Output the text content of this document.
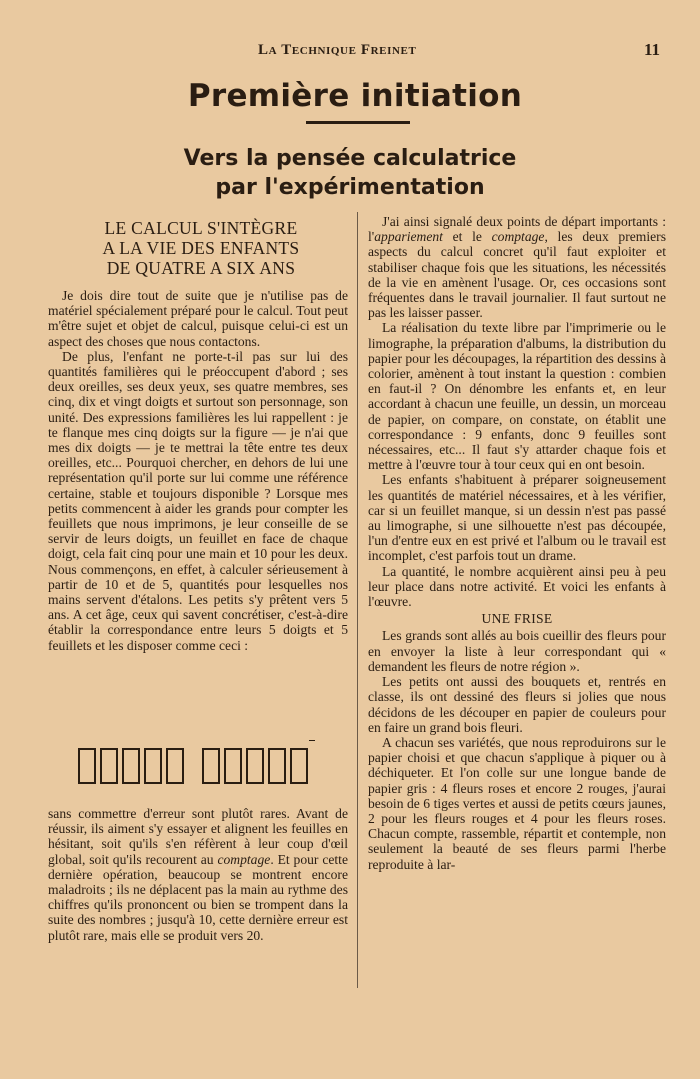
La Technique Freinet	11
Première initiation
Vers la pensée calculatrice
par l'expérimentation
LE CALCUL S'INTÈGRE
A LA VIE DES ENFANTS
DE QUATRE A SIX ANS

Je dois dire tout de suite que je n'utilise pas de matériel spécialement préparé pour le calcul. Tout peut m'être sujet et objet de calcul, puisque celui-ci est un aspect des choses que nous contactons.

De plus, l'enfant ne porte-t-il pas sur lui des quantités familières qui le préoccupent d'abord ; ses deux oreilles, ses deux yeux, ses quatre membres, ses cinq, dix et vingt doigts et surtout son personnage, son unité. Des expressions familières les lui rappellent : je te flanque mes cinq doigts sur la figure — je n'ai que mes dix doigts — je te mettrai la tête entre tes deux oreilles, etc... Pourquoi chercher, en dehors de lui une représentation qu'il porte sur lui comme une référence certaine, stable et toujours disponible ? Lorsque mes petits commencent à aider les grands pour compter les feuillets que nous imprimons, je leur conseille de se servir de leurs doigts, un feuillet en face de chaque doigt, cela fait cinq pour une main et 10 pour les deux. Nous commençons, en effet, à calculer sérieusement à partir de 10 et de 5, quantités pour lesquelles nos mains servent d'étalons. Les petits s'y prêtent vers 5 ans. A cet âge, ceux qui savent concrétiser, c'est-à-dire établir la correspondance entre leurs 5 doigts et 5 feuillets et les disposer comme ceci :

sans commettre d'erreur sont plutôt rares. Avant de réussir, ils aiment s'y essayer et alignent les feuilles en hésitant, soit qu'ils s'en réfèrent à leur coup d'œil global, soit qu'ils recourent au comptage. Et pour cette dernière opération, beaucoup se montrent encore maladroits ; ils ne déplacent pas la main au rythme des chiffres qu'ils prononcent ou bien se trompent dans la suite des nombres ; jusqu'à 10, cette dernière erreur est plutôt rare, mais elle se produit vers 20.

J'ai ainsi signalé deux points de départ importants : l'appariement et le comptage, les deux premiers aspects du calcul concret qu'il faut exploiter et stabiliser chaque fois que les situations, les nécessités de la vie en amènent l'usage. Or, ces occasions sont fréquentes dans le travail journalier. Il faut surtout ne pas les laisser passer.

La réalisation du texte libre par l'imprimerie ou le limographe, la préparation d'albums, la distribution du papier pour les découpages, la répartition des dessins à colorier, amènent à tout instant la question : combien en faut-il ? On dénombre les enfants et, en leur accordant à chacun une feuille, un dessin, un morceau de papier, on compare, on constate, on établit une correspondance : 9 enfants, donc 9 feuilles sont nécessaires, etc... Il faut s'y attarder chaque fois et mettre à l'œuvre tour à tour ceux qui en ont besoin.

Les enfants s'habituent à préparer soigneusement les quantités de matériel nécessaires, et à les vérifier, car si un feuillet manque, si un dessin n'est pas passé au limographe, si une silhouette n'est pas découpée, l'un d'entre eux en est privé et l'album ou le travail est incomplet, c'est parfois tout un drame.

La quantité, le nombre acquièrent ainsi peu à peu leur place dans notre activité. Et voici les enfants à l'œuvre.

UNE FRISE

Les grands sont allés au bois cueillir des fleurs pour en envoyer la liste à leur correspondant qui « demandent les fleurs de notre région ».

Les petits ont aussi des bouquets et, rentrés en classe, ils ont dessiné des fleurs si jolies que nous décidons de les découper en papier de couleurs pour en faire un grand bois fleuri.

A chacun ses variétés, que nous reproduirons sur le papier choisi et que chacun s'applique à piquer ou à déchiqueter. Et l'on colle sur une longue bande de papier gris : 4 fleurs roses et encore 2 rouges, j'aurai besoin de 6 tiges vertes et aussi de petits cœurs jaunes, 2 pour les fleurs rouges et 4 pour les fleurs roses. Chacun compte, rassemble, répartit et contemple, non seulement la beauté de ses fleurs parmi l'herbe reproduite à lar-
